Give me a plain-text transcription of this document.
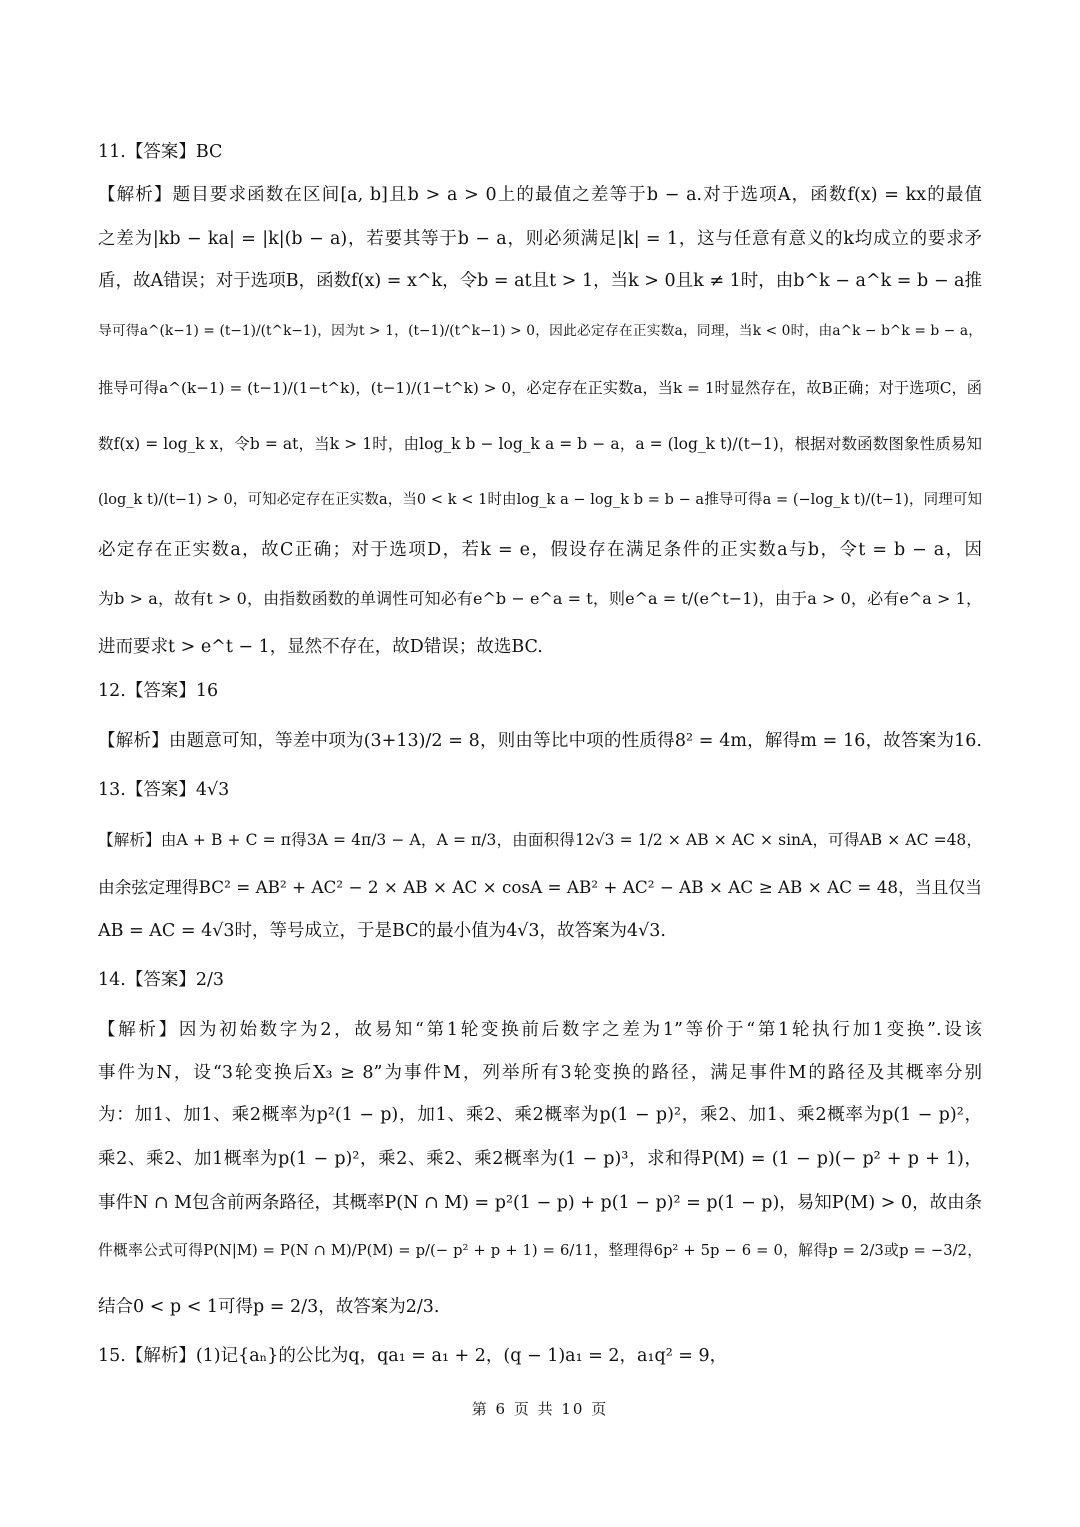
11.【答案】BC
【解析】题目要求函数在区间[a, b]且b > a > 0上的最值之差等于b − a.对于选项A，函数f(x) = kx的最值
之差为|kb − ka| = |k|(b − a)，若要其等于b − a，则必须满足|k| = 1，这与任意有意义的k均成立的要求矛
盾，故A错误；对于选项B，函数f(x) = x^k，令b = at且t > 1，当k > 0且k ≠ 1时，由b^k − a^k = b − a推
导可得a^(k−1) = (t−1)/(t^k−1)，因为t > 1，(t−1)/(t^k−1) > 0，因此必定存在正实数a，同理，当k < 0时，由a^k − b^k = b − a，
推导可得a^(k−1) = (t−1)/(1−t^k)，(t−1)/(1−t^k) > 0，必定存在正实数a，当k = 1时显然存在，故B正确；对于选项C，函
数f(x) = log_k x，令b = at，当k > 1时，由log_k b − log_k a = b − a，a = (log_k t)/(t−1)，根据对数函数图象性质易知
(log_k t)/(t−1) > 0，可知必定存在正实数a，当0 < k < 1时由log_k a − log_k b = b − a推导可得a = (−log_k t)/(t−1)，同理可知
必定存在正实数a，故C正确；对于选项D，若k = e，假设存在满足条件的正实数a与b，令t = b − a，因
为b > a，故有t > 0，由指数函数的单调性可知必有e^b − e^a = t，则e^a = t/(e^t−1)，由于a > 0，必有e^a > 1，
进而要求t > e^t − 1，显然不存在，故D错误；故选BC.
12.【答案】16
【解析】由题意可知，等差中项为(3+13)/2 = 8，则由等比中项的性质得8² = 4m，解得m = 16，故答案为16.
13.【答案】4√3
【解析】由A + B + C = π得3A = 4π/3 − A，A = π/3，由面积得12√3 = 1/2 × AB × AC × sinA，可得AB × AC =48，
由余弦定理得BC² = AB² + AC² − 2 × AB × AC × cosA = AB² + AC² − AB × AC ≥ AB × AC = 48，当且仅当
AB = AC = 4√3时，等号成立，于是BC的最小值为4√3，故答案为4√3.
14.【答案】2/3
【解析】因为初始数字为2，故易知“第1轮变换前后数字之差为1”等价于“第1轮执行加1变换”.设该
事件为N，设“3轮变换后X₃ ≥ 8”为事件M，列举所有3轮变换的路径，满足事件M的路径及其概率分别
为：加1、加1、乘2概率为p²(1 − p)，加1、乘2、乘2概率为p(1 − p)²，乘2、加1、乘2概率为p(1 − p)²，
乘2、乘2、加1概率为p(1 − p)²，乘2、乘2、乘2概率为(1 − p)³，求和得P(M) = (1 − p)(− p² + p + 1)，
事件N ∩ M包含前两条路径，其概率P(N ∩ M) = p²(1 − p) + p(1 − p)² = p(1 − p)，易知P(M) > 0，故由条
件概率公式可得P(N|M) = P(N ∩ M)/P(M) = p/(− p² + p + 1) = 6/11，整理得6p² + 5p − 6 = 0，解得p = 2/3或p = −3/2，
结合0 < p < 1可得p = 2/3，故答案为2/3.
15.【解析】(1)记{aₙ}的公比为q，qa₁ = a₁ + 2，(q − 1)a₁ = 2，a₁q² = 9，
第 6 页 共 10 页
